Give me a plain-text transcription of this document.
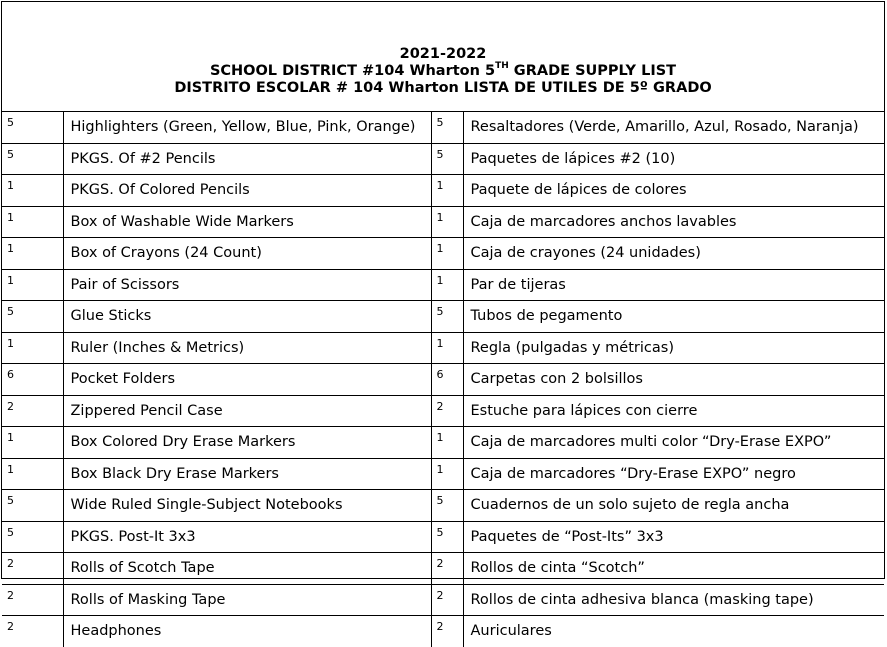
2021-2022
SCHOOL DISTRICT #104 Wharton 5TH GRADE SUPPLY LIST
DISTRITO ESCOLAR # 104 Wharton LISTA DE UTILES DE 5º GRADO
5	Highlighters (Green, Yellow, Blue, Pink, Orange)	5	Resaltadores (Verde, Amarillo, Azul, Rosado, Naranja)
5	PKGS. Of #2 Pencils	5	Paquetes de lápices #2 (10)
1	PKGS. Of Colored Pencils	1	Paquete de lápices de colores
1	Box of Washable Wide Markers	1	Caja de marcadores anchos lavables
1	Box of Crayons (24 Count)	1	Caja de crayones (24 unidades)
1	Pair of Scissors	1	Par de tijeras
5	Glue Sticks	5	Tubos de pegamento
1	Ruler (Inches & Metrics)	1	Regla (pulgadas y métricas)
6	Pocket Folders	6	Carpetas con 2 bolsillos
2	Zippered Pencil Case	2	Estuche para lápices con cierre
1	Box Colored Dry Erase Markers	1	Caja de marcadores multi color “Dry-Erase EXPO”
1	Box Black Dry Erase Markers	1	Caja de marcadores “Dry-Erase EXPO” negro
5	Wide Ruled Single-Subject Notebooks	5	Cuadernos de un solo sujeto de regla ancha
5	PKGS. Post-It 3x3	5	Paquetes de “Post-Its” 3x3
2	Rolls of Scotch Tape	2	Rollos de cinta “Scotch”
2	Rolls of Masking Tape	2	Rollos de cinta adhesiva blanca (masking tape)
2	Headphones	2	Auriculares
